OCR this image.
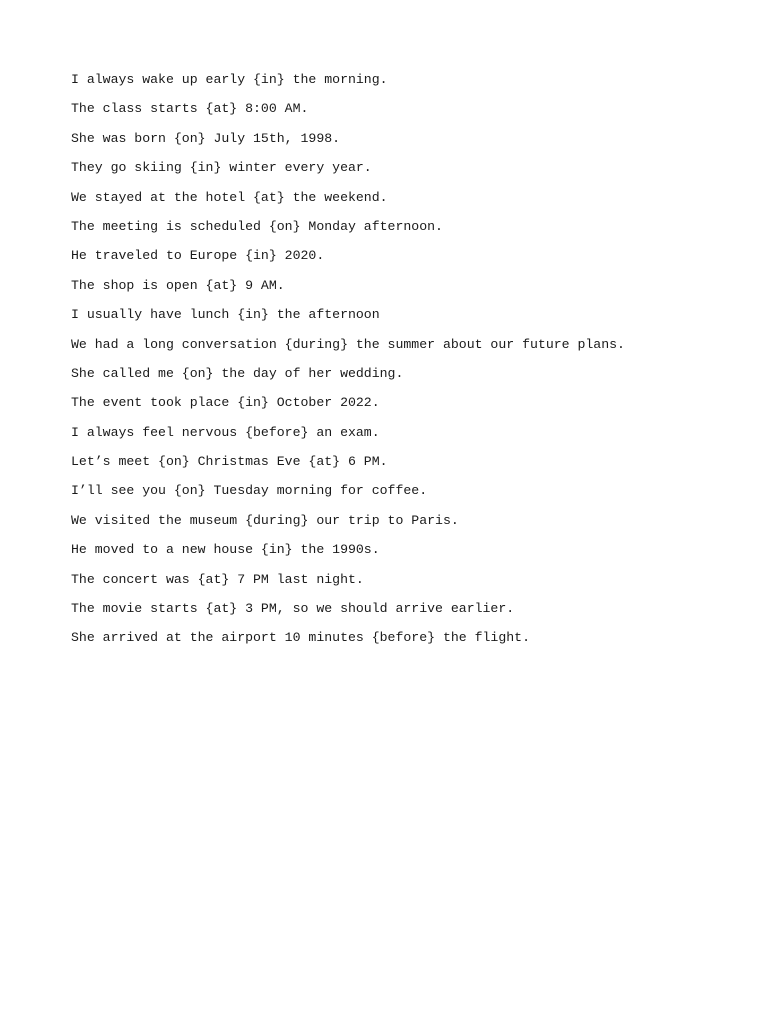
I always wake up early {in} the morning.
The class starts {at} 8:00 AM.
She was born {on} July 15th, 1998.
They go skiing {in} winter every year.
We stayed at the hotel {at} the weekend.
The meeting is scheduled {on} Monday afternoon.
He traveled to Europe {in} 2020.
The shop is open {at} 9 AM.
I usually have lunch {in} the afternoon
We had a long conversation {during} the summer about our future plans.
She called me {on} the day of her wedding.
The event took place {in} October 2022.
I always feel nervous {before} an exam.
Let’s meet {on} Christmas Eve {at} 6 PM.
I’ll see you {on} Tuesday morning for coffee.
We visited the museum {during} our trip to Paris.
He moved to a new house {in} the 1990s.
The concert was {at} 7 PM last night.
The movie starts {at} 3 PM, so we should arrive earlier.
She arrived at the airport 10 minutes {before} the flight.
